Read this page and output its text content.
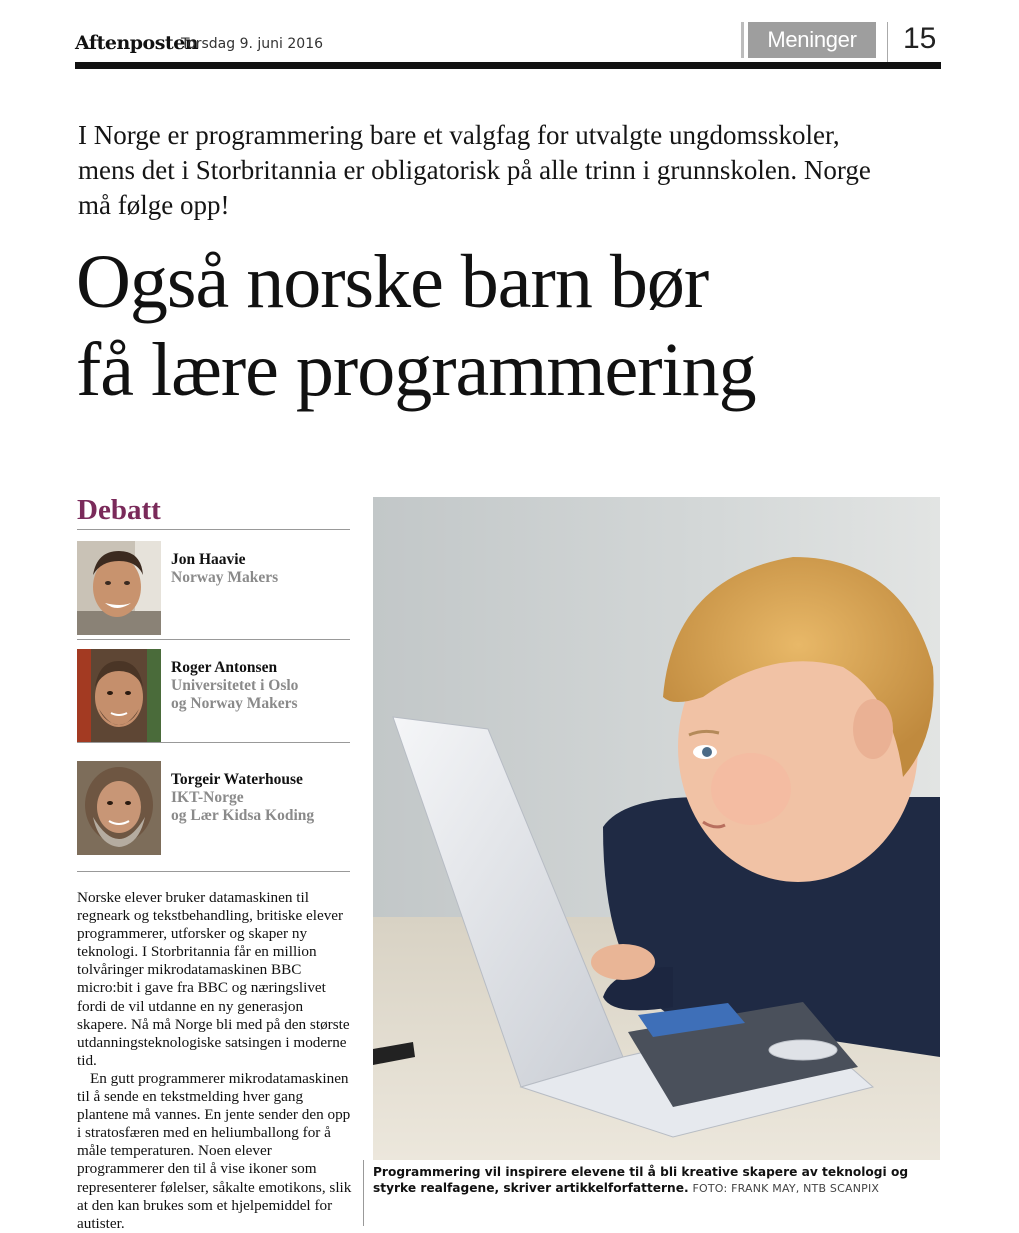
Aftenposten
Torsdag 9. juni 2016	Meninger	15

I Norge er programmering bare et valgfag for utvalgte ungdomsskoler, mens det i Storbritannia er obligatorisk på alle trinn i grunnskolen. Norge må følge opp!

Også norske barn bør
få lære programmering
Debatt
Jon Haavie
Norway Makers
Roger Antonsen
Universitetet i Oslo
og Norway Makers
Torgeir Waterhouse
IKT-Norge
og Lær Kidsa Koding

Norske elever bruker datamaskinen til regneark og tekstbehandling, britiske elever programmerer, utforsker og skaper ny teknologi. I Storbritannia får en million tolvåringer mikrodatamaskinen BBC micro:bit i gave fra BBC og næringslivet fordi de vil utdanne en ny generasjon skapere. Nå må Norge bli med på den største utdanningsteknologiske satsingen i moderne tid.

En gutt programmerer mikrodatamaskinen til å sende en tekstmelding hver gang plantene må vannes. En jente sender den opp i stratosfæren med en heliumballong for å måle temperaturen. Noen elever programmerer den til å vise ikoner som representerer følelser, såkalte emotikons, slik at den kan brukes som et hjelpemiddel for autister.

Programmering vil inspirere elevene til å bli kreative skapere av teknologi og styrke realfagene, skriver artikkelforfatterne. FOTO: FRANK MAY, NTB SCANPIX
